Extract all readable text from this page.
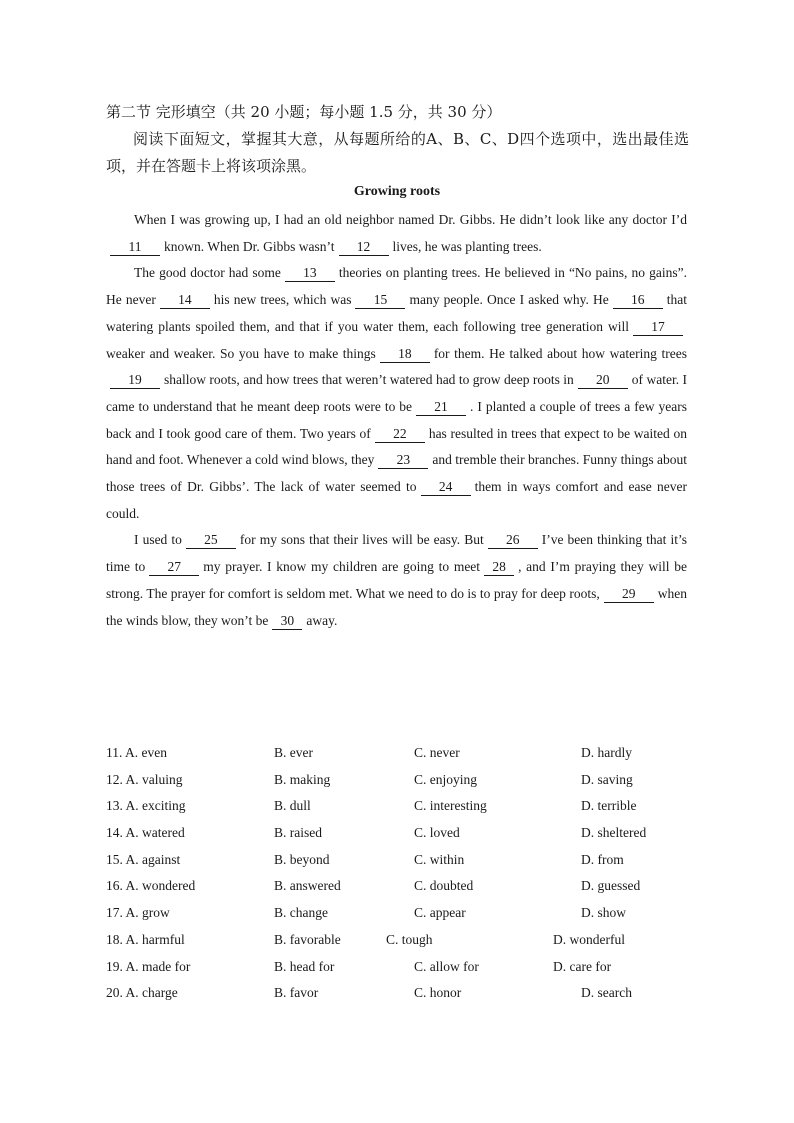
第二节 完形填空（共 20 小题；每小题 1.5 分，共 30 分）
阅读下面短文，掌握其大意，从每题所给的A、B、C、D四个选项中，选出最佳选项，并在答题卡上将该项涂黑。
Growing roots

When I was growing up, I had an old neighbor named Dr. Gibbs. He didn’t look like any doctor I’d11 known. When Dr. Gibbs wasn’t 12 lives, he was planting trees.

The good doctor had some 13 theories on planting trees. He believed in “No pains, no gains”. He never 14 his new trees, which was 15 many people. Once I asked why. He 16 that watering plants spoiled them, and that if you water them, each following tree generation will 17weaker and weaker. So you have to make things 18 for them. He talked about how watering trees19 shallow roots, and how trees that weren’t watered had to grow deep roots in 20 of water. I came to understand that he meant deep roots were to be 21 . I planted a couple of trees a few years back and I took good care of them. Two years of 22 has resulted in trees that expect to be waited on hand and foot. Whenever a cold wind blows, they 23 and tremble their branches. Funny things about those trees of Dr. Gibbs’. The lack of water seemed to 24 them in ways comfort and ease never could.

I used to 25 for my sons that their lives will be easy. But 26 I’ve been thinking that it’s time to 27 my prayer. I know my children are going to meet 28 , and I’m praying they will be strong. The prayer for comfort is seldom met. What we need to do is to pray for deep roots, 29 when the winds blow, they won’t be 30 away.

11. A. even	B. ever	C. never	D. hardly
12. A. valuing	B. making	C. enjoying	D. saving
13. A. exciting	B. dull	C. interesting	D. terrible
14. A. watered	B. raised	C. loved	D. sheltered
15. A. against	B. beyond	C. within	D. from
16. A. wondered	B. answered	C. doubted	D. guessed
17. A. grow	B. change	C. appear	D. show
18. A. harmful	B. favorable	C. tough	D. wonderful
19. A. made for	B. head for	C. allow for	D. care for
20. A. charge	B. favor	C. honor	D. search
